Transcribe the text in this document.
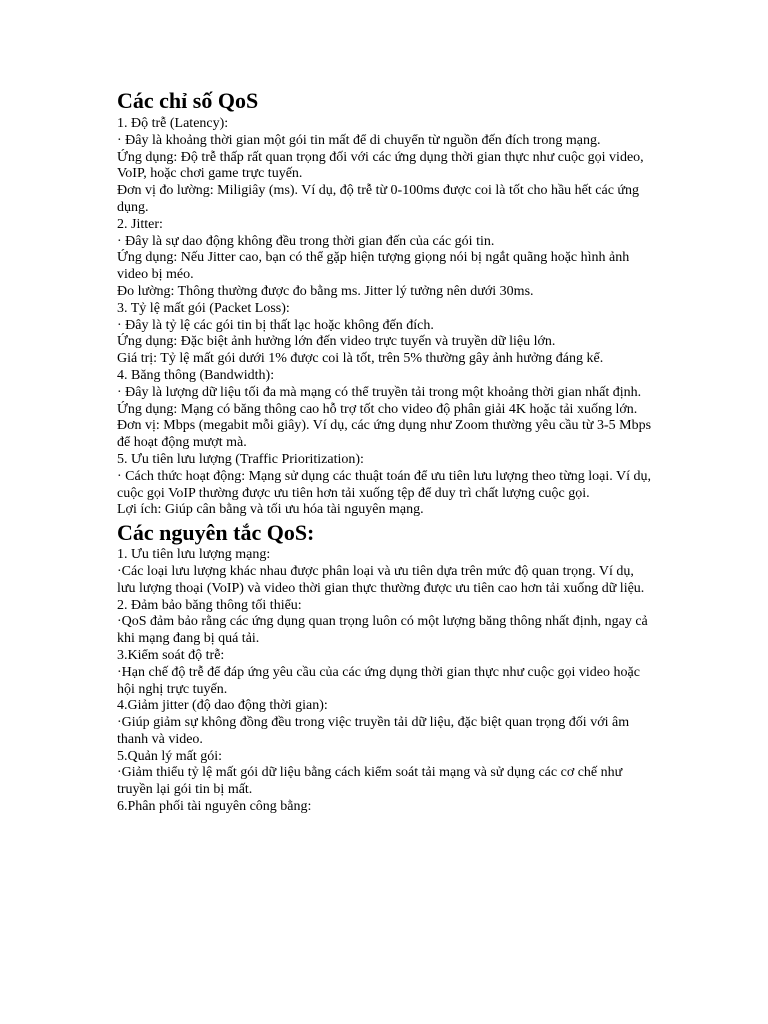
Các chỉ số QoS

1. Độ trễ (Latency):

· Đây là khoảng thời gian một gói tin mất để di chuyển từ nguồn đến đích trong mạng.

Ứng dụng: Độ trễ thấp rất quan trọng đối với các ứng dụng thời gian thực như cuộc gọi video, VoIP, hoặc chơi game trực tuyến.

Đơn vị đo lường: Miligiây (ms). Ví dụ, độ trễ từ 0-100ms được coi là tốt cho hầu hết các ứng dụng.

2. Jitter:

· Đây là sự dao động không đều trong thời gian đến của các gói tin.

Ứng dụng: Nếu Jitter cao, bạn có thể gặp hiện tượng giọng nói bị ngắt quãng hoặc hình ảnh video bị méo.

Đo lường: Thông thường được đo bằng ms. Jitter lý tưởng nên dưới 30ms.

3. Tỷ lệ mất gói (Packet Loss):

· Đây là tỷ lệ các gói tin bị thất lạc hoặc không đến đích.

Ứng dụng: Đặc biệt ảnh hưởng lớn đến video trực tuyến và truyền dữ liệu lớn.

Giá trị: Tỷ lệ mất gói dưới 1% được coi là tốt, trên 5% thường gây ảnh hưởng đáng kể.

4. Băng thông (Bandwidth):

· Đây là lượng dữ liệu tối đa mà mạng có thể truyền tải trong một khoảng thời gian nhất định.

Ứng dụng: Mạng có băng thông cao hỗ trợ tốt cho video độ phân giải 4K hoặc tải xuống lớn.

Đơn vị: Mbps (megabit mỗi giây). Ví dụ, các ứng dụng như Zoom thường yêu cầu từ 3-5 Mbps để hoạt động mượt mà.

5. Ưu tiên lưu lượng (Traffic Prioritization):

· Cách thức hoạt động: Mạng sử dụng các thuật toán để ưu tiên lưu lượng theo từng loại. Ví dụ, cuộc gọi VoIP thường được ưu tiên hơn tải xuống tệp để duy trì chất lượng cuộc gọi.

Lợi ích: Giúp cân bằng và tối ưu hóa tài nguyên mạng.

Các nguyên tắc QoS:

1. Ưu tiên lưu lượng mạng:

·Các loại lưu lượng khác nhau được phân loại và ưu tiên dựa trên mức độ quan trọng. Ví dụ, lưu lượng thoại (VoIP) và video thời gian thực thường được ưu tiên cao hơn tải xuống dữ liệu.

2. Đảm bảo băng thông tối thiểu:

·QoS đảm bảo rằng các ứng dụng quan trọng luôn có một lượng băng thông nhất định, ngay cả khi mạng đang bị quá tải.

3.Kiểm soát độ trễ:

·Hạn chế độ trễ để đáp ứng yêu cầu của các ứng dụng thời gian thực như cuộc gọi video hoặc hội nghị trực tuyến.

4.Giảm jitter (độ dao động thời gian):

·Giúp giảm sự không đồng đều trong việc truyền tải dữ liệu, đặc biệt quan trọng đối với âm thanh và video.

5.Quản lý mất gói:

·Giảm thiểu tỷ lệ mất gói dữ liệu bằng cách kiểm soát tải mạng và sử dụng các cơ chế như truyền lại gói tin bị mất.

6.Phân phối tài nguyên công bằng:
